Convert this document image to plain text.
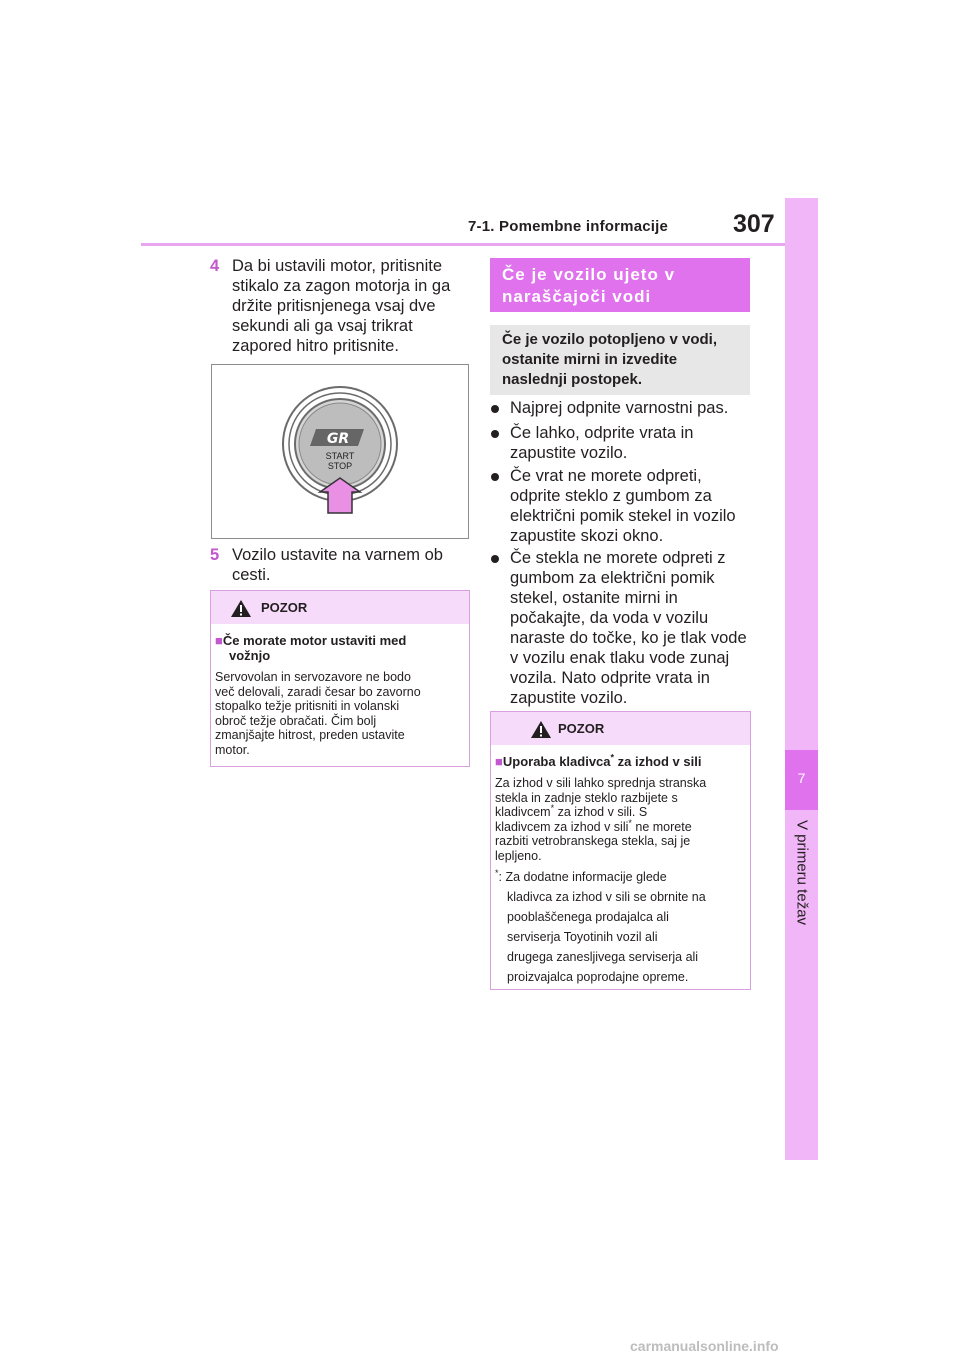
7-1. Pomembne informacije	307
7
V primeru težav
4 Da bi ustavili motor, pritisnite
stikalo za zagon motorja in ga
držite pritisnjenega vsaj dve
sekundi ali ga vsaj trikrat
zapored hitro pritisnite.
GR
START
STOP
5 Vozilo ustavite na varnem ob
cesti.
POZOR
■Če morate motor ustaviti med
vožnjo
Servovolan in servozavore ne bodo
več delovali, zaradi česar bo zavorno
stopalko težje pritisniti in volanski
obroč težje obračati. Čim bolj
zmanjšajte hitrost, preden ustavite
motor.
Če je vozilo ujeto v
naraščajoči vodi
Če je vozilo potopljeno v vodi,
ostanite mirni in izvedite
naslednji postopek.
Najprej odpnite varnostni pas.
Če lahko, odprite vrata in
zapustite vozilo.
Če vrat ne morete odpreti,
odprite steklo z gumbom za
električni pomik stekel in vozilo
zapustite skozi okno.
Če stekla ne morete odpreti z
gumbom za električni pomik
stekel, ostanite mirni in
počakajte, da voda v vozilu
naraste do točke, ko je tlak vode
v vozilu enak tlaku vode zunaj
vozila. Nato odprite vrata in
zapustite vozilo.
POZOR
■Uporaba kladivca* za izhod v sili
Za izhod v sili lahko sprednja stranska
stekla in zadnje steklo razbijete s
kladivcem* za izhod v sili. S
kladivcem za izhod v sili* ne morete
razbiti vetrobranskega stekla, saj je
lepljeno.
*: Za dodatne informacije glede
kladivca za izhod v sili se obrnite na
pooblaščenega prodajalca ali
serviserja Toyotinih vozil ali
drugega zanesljivega serviserja ali
proizvajalca poprodajne opreme.
carmanualsonline.info
